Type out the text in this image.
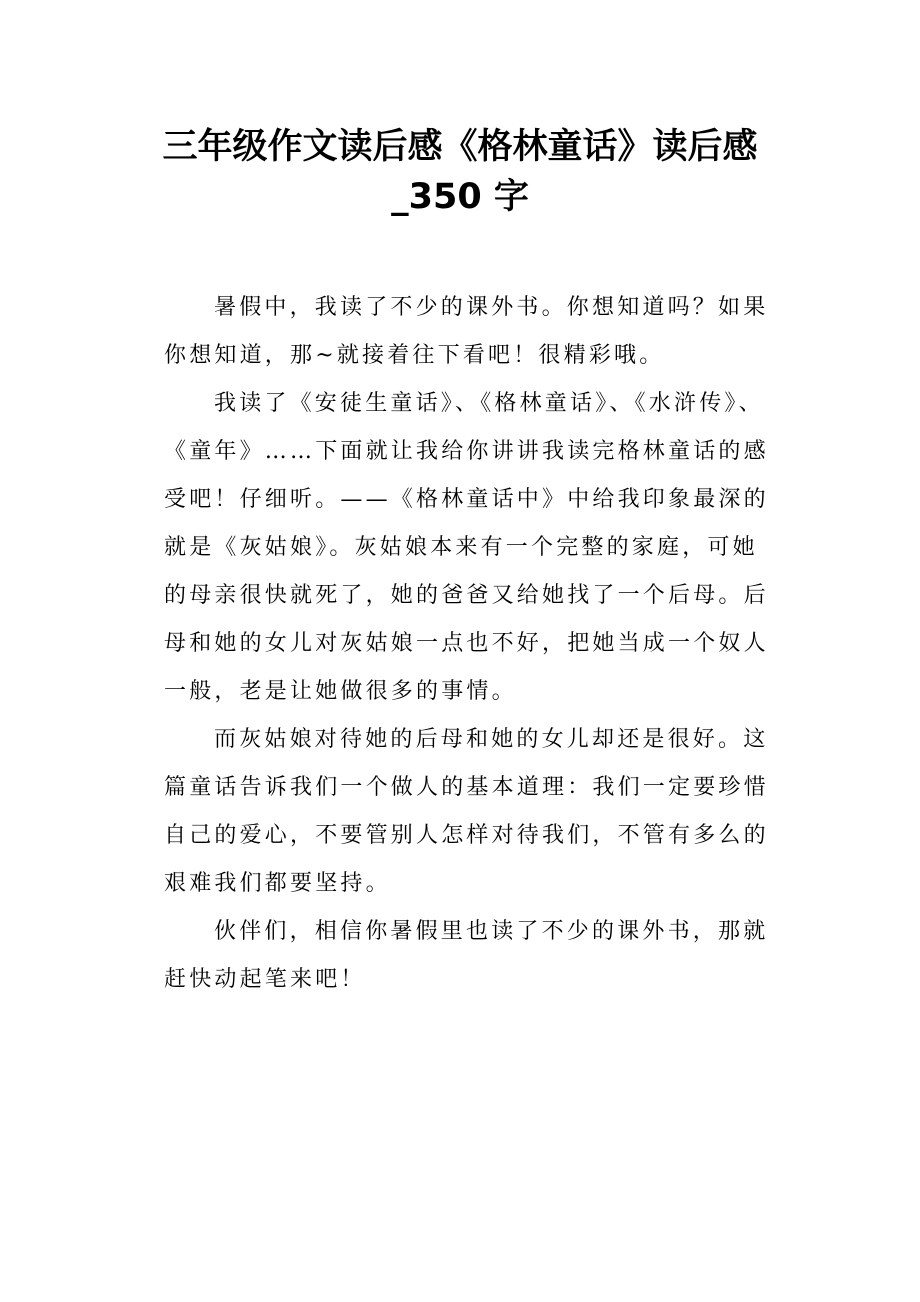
三年级作文读后感《格林童话》读后感
_350 字

暑假中，我读了不少的课外书。你想知道吗？如果
你想知道，那~就接着往下看吧！很精彩哦。

我读了《安徒生童话》、《格林童话》、《水浒传》、
《童年》……下面就让我给你讲讲我读完格林童话的感
受吧！仔细听。——《格林童话中》中给我印象最深的
就是《灰姑娘》。灰姑娘本来有一个完整的家庭，可她
的母亲很快就死了，她的爸爸又给她找了一个后母。后
母和她的女儿对灰姑娘一点也不好，把她当成一个奴人
一般，老是让她做很多的事情。

而灰姑娘对待她的后母和她的女儿却还是很好。这
篇童话告诉我们一个做人的基本道理：我们一定要珍惜
自己的爱心，不要管别人怎样对待我们，不管有多么的
艰难我们都要坚持。

伙伴们，相信你暑假里也读了不少的课外书，那就
赶快动起笔来吧！
